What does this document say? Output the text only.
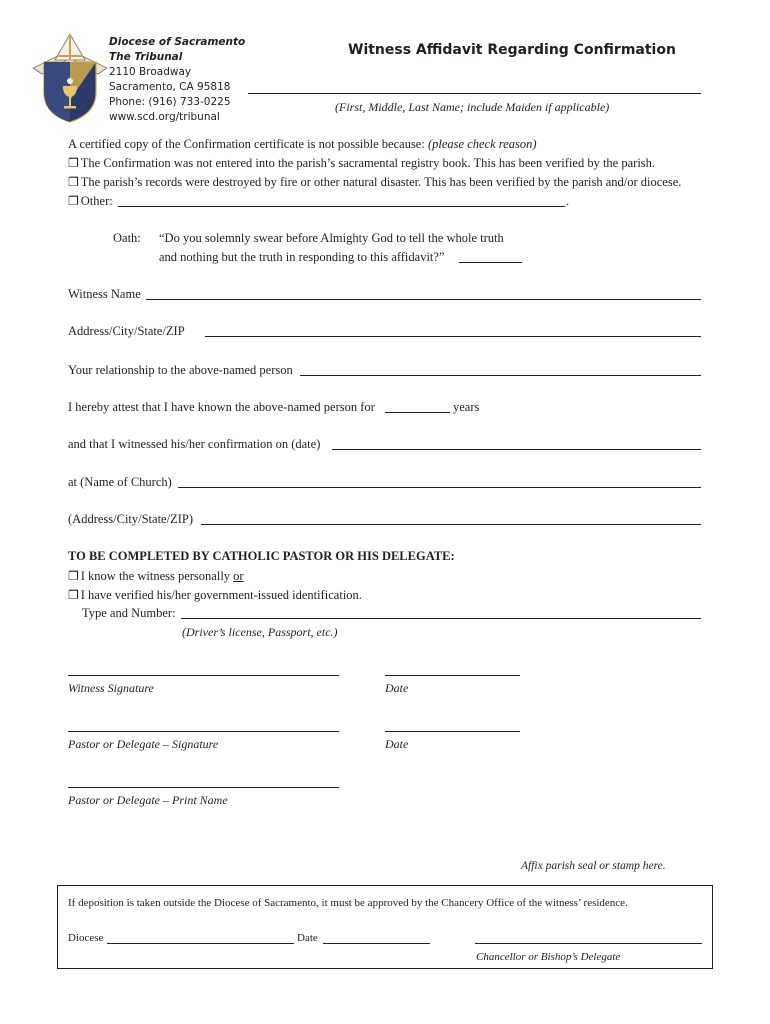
Diocese of Sacramento
The Tribunal
2110 Broadway
Sacramento, CA 95818
Phone: (916) 733-0225
www.scd.org/tribunal
Witness Affidavit Regarding Confirmation
(First, Middle, Last Name; include Maiden if applicable)
A certified copy of the Confirmation certificate is not possible because: (please check reason)
❒ The Confirmation was not entered into the parish’s sacramental registry book. This has been verified by the parish.
❒ The parish’s records were destroyed by fire or other natural disaster. This has been verified by the parish and/or diocese.
❒ Other:	.
Oath: “Do you solemnly swear before Almighty God to tell the whole truth
and nothing but the truth in responding to this affidavit?”
Witness Name
Address/City/State/ZIP
Your relationship to the above-named person
I hereby attest that I have known the above-named person for	years
and that I witnessed his/her confirmation on (date)
at (Name of Church)
(Address/City/State/ZIP)
TO BE COMPLETED BY CATHOLIC PASTOR OR HIS DELEGATE:
❒ I know the witness personally or
❒ I have verified his/her government-issued identification.
Type and Number:
(Driver’s license, Passport, etc.)
Witness Signature	Date
Pastor or Delegate – Signature	Date
Pastor or Delegate – Print Name
Affix parish seal or stamp here.
If deposition is taken outside the Diocese of Sacramento, it must be approved by the Chancery Office of the witness’ residence.
Diocese	Date
Chancellor or Bishop’s Delegate
